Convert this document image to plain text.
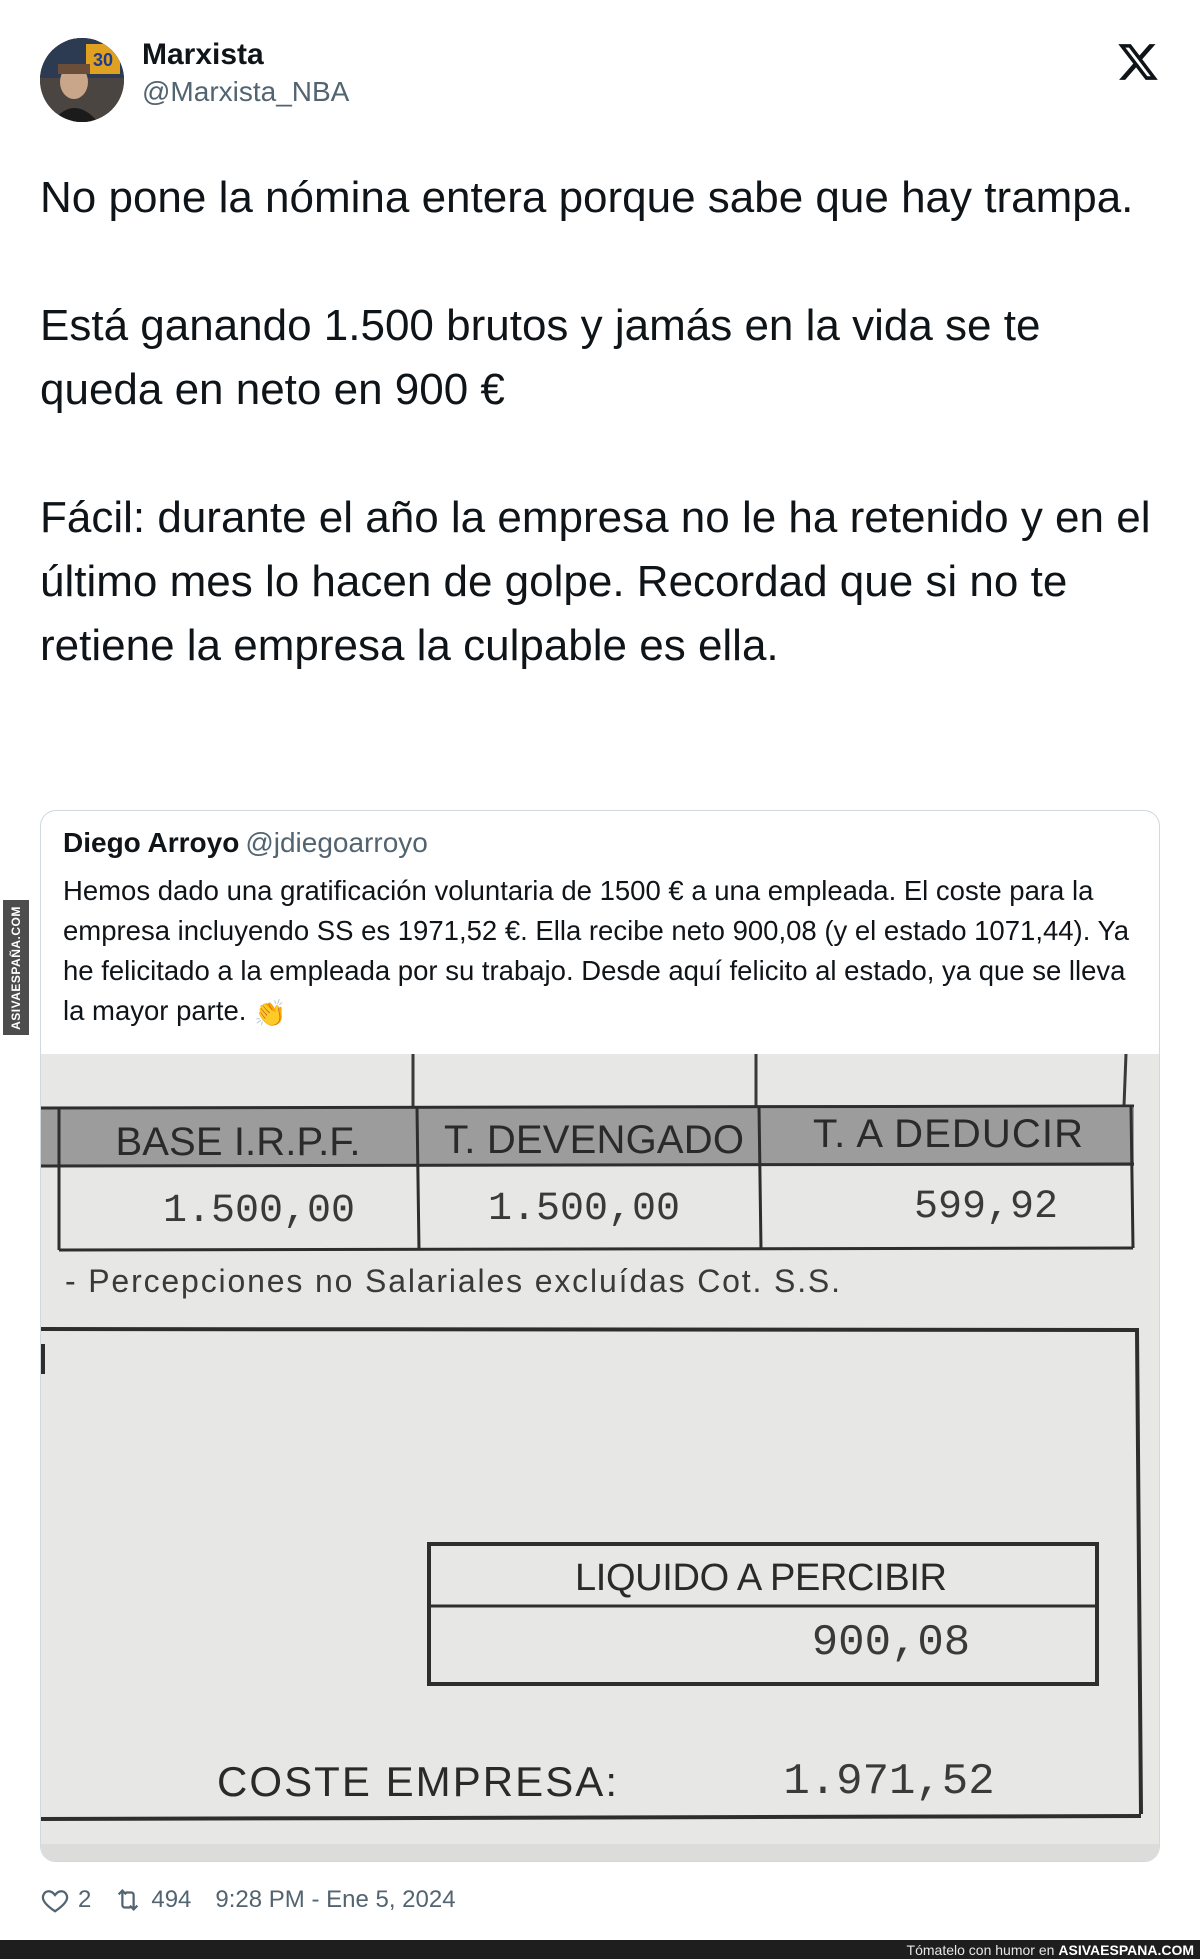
30 Marxista
@Marxista_NBA

No pone la nómina entera porque sabe que hay trampa.

Está ganando 1.500 brutos y jamás en la vida se te queda en neto en 900 €

Fácil: durante el año la empresa no le ha retenido y en el último mes lo hacen de golpe. Recordad que si no te retiene la empresa la culpable es ella.

ASIVAESPAÑA.COM
Diego Arroyo @jdiegoarroyo
Hemos dado una gratificación voluntaria de 1500 € a una empleada. El coste para la empresa incluyendo SS es 1971,52 €. Ella recibe neto 900,08 (y el estado 1071,44). Ya he felicitado a la empleada por su trabajo. Desde aquí felicito al estado, ya que se lleva la mayor parte. 👏
BASE I.R.P.F. T. DEVENGADO T. A DEDUCIR
1.500,00	1.500,00	599,92
- Percepciones no Salariales excluídas Cot. S.S.
LIQUIDO A PERCIBIR
900,08
COSTE EMPRESA:	1.971,52
2	494 9:28 PM - Ene 5, 2024
Tómatelo con humor en ASIVAESPANA.COM
